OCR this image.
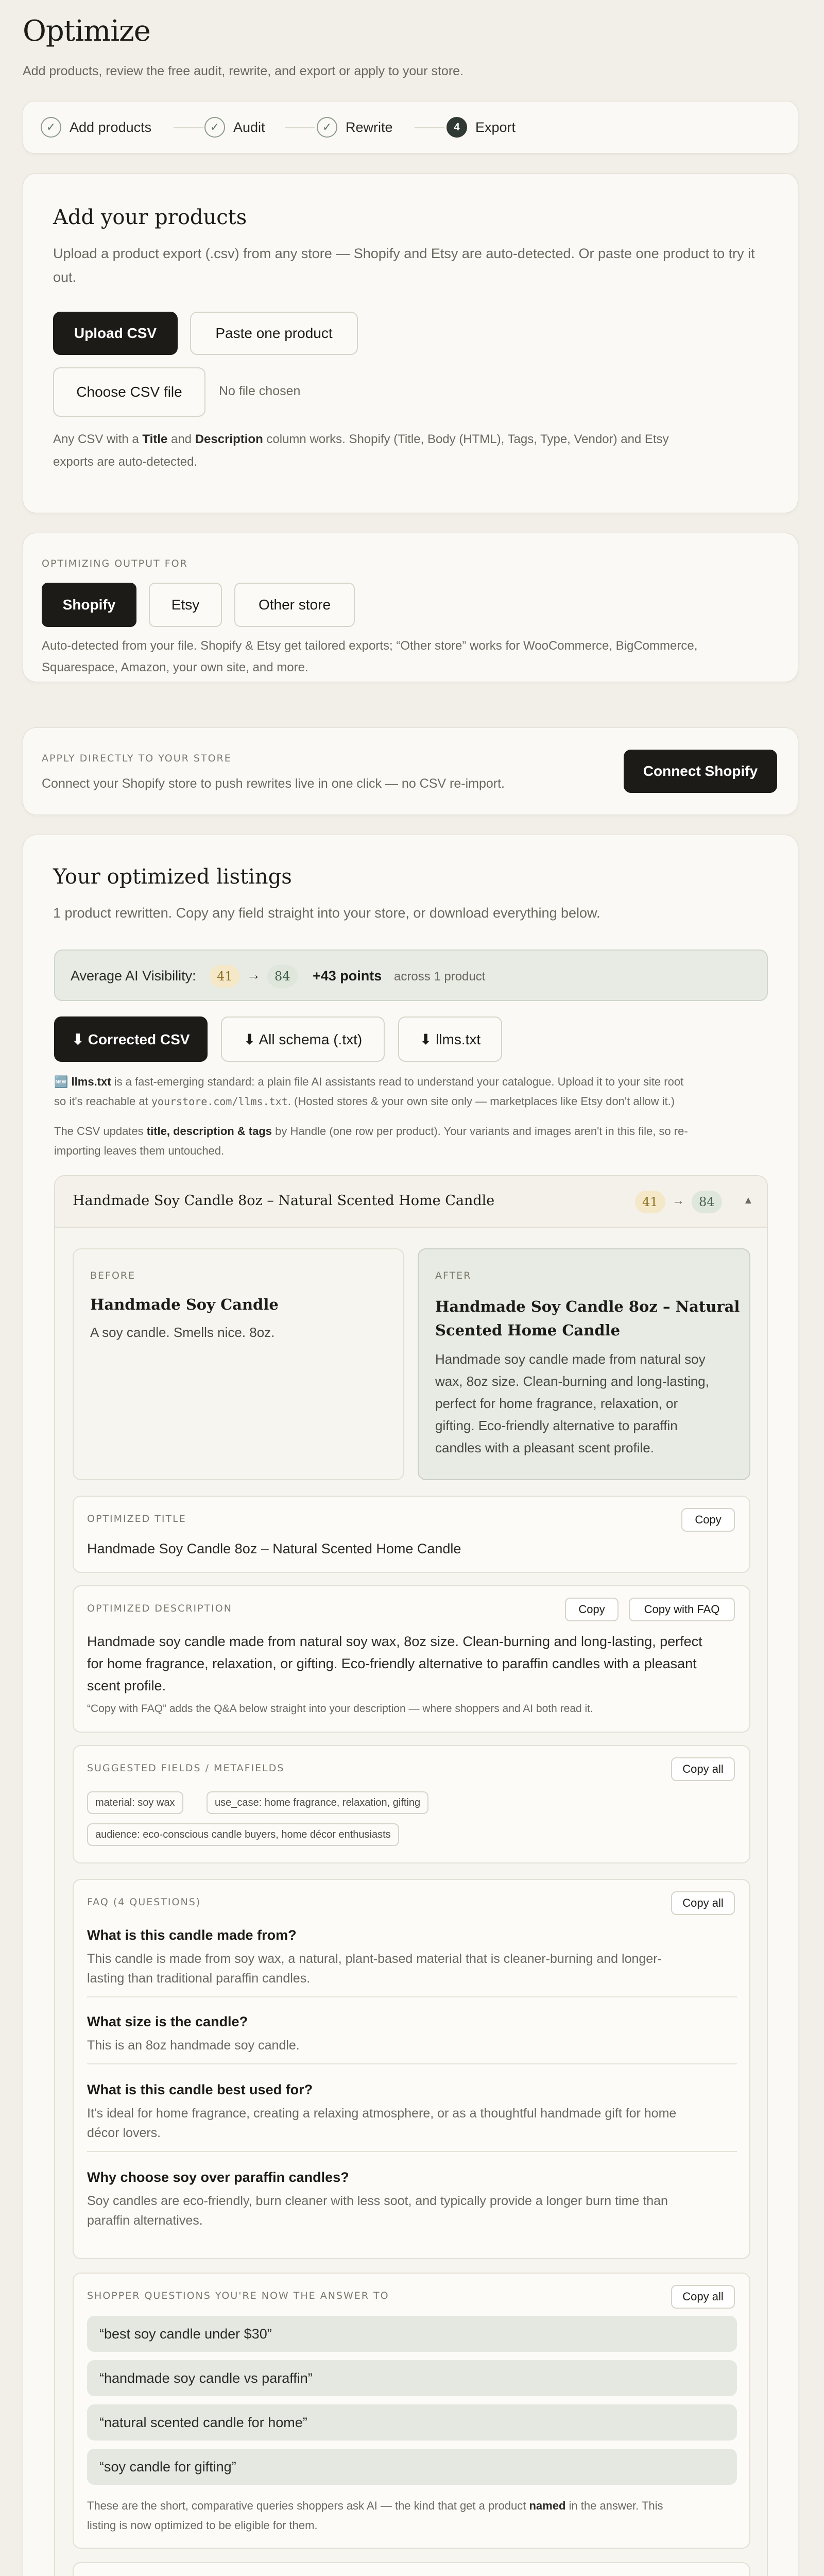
Optimize
Add products, review the free audit, rewrite, and export or apply to your store.
✓ Add products	✓ Audit	✓ Rewrite	4	Export
Add your products
Upload a product export (.csv) from any store — Shopify and Etsy are auto-detected. Or paste one product to try it out.
Upload CSV	Paste one product
Choose CSV file	No file chosen
Any CSV with a Title and Description column works. Shopify (Title, Body (HTML), Tags, Type, Vendor) and Etsy
exports are auto-detected.
OPTIMIZING OUTPUT FOR
Shopify	Etsy	Other store
Auto-detected from your file. Shopify & Etsy get tailored exports; “Other store” works for WooCommerce, BigCommerce,
Squarespace, Amazon, your own site, and more.
APPLY DIRECTLY TO YOUR STORE
Connect your Shopify store to push rewrites live in one click — no CSV re-import.
Connect Shopify
Your optimized listings
1 product rewritten. Copy any field straight into your store, or download everything below.
Average AI Visibility:	41	→	84	+43 points across 1 product
⬇ Corrected CSV	⬇ All schema (.txt)	⬇ llms.txt
🆕 llms.txt is a fast-emerging standard: a plain file AI assistants read to understand your catalogue. Upload it to your site root
so it's reachable at yourstore.com/llms.txt. (Hosted stores & your own site only — marketplaces like Etsy don't allow it.)
The CSV updates title, description & tags by Handle (one row per product). Your variants and images aren't in this file, so re-
importing leaves them untouched.
Handmade Soy Candle 8oz – Natural Scented Home Candle	41	→	84	▲
BEFORE
Handmade Soy Candle
A soy candle. Smells nice. 8oz.
AFTER
Handmade Soy Candle 8oz – Natural
Scented Home Candle
Handmade soy candle made from natural soy
wax, 8oz size. Clean-burning and long-lasting,
perfect for home fragrance, relaxation, or
gifting. Eco-friendly alternative to paraffin
candles with a pleasant scent profile.
OPTIMIZED TITLE	Copy
Handmade Soy Candle 8oz – Natural Scented Home Candle
OPTIMIZED DESCRIPTION	Copy	Copy with FAQ
Handmade soy candle made from natural soy wax, 8oz size. Clean-burning and long-lasting, perfect
for home fragrance, relaxation, or gifting. Eco-friendly alternative to paraffin candles with a pleasant
scent profile.
“Copy with FAQ” adds the Q&A below straight into your description — where shoppers and AI both read it.
SUGGESTED FIELDS / METAFIELDS	Copy all
material: soy wax	use_case: home fragrance, relaxation, gifting
audience: eco-conscious candle buyers, home décor enthusiasts
FAQ (4 QUESTIONS)	Copy all
What is this candle made from?
This candle is made from soy wax, a natural, plant-based material that is cleaner-burning and longer-
lasting than traditional paraffin candles.
What size is the candle?
This is an 8oz handmade soy candle.
What is this candle best used for?
It's ideal for home fragrance, creating a relaxing atmosphere, or as a thoughtful handmade gift for home
décor lovers.
Why choose soy over paraffin candles?
Soy candles are eco-friendly, burn cleaner with less soot, and typically provide a longer burn time than
paraffin alternatives.
SHOPPER QUESTIONS YOU'RE NOW THE ANSWER TO	Copy all
“best soy candle under $30”
“handmade soy candle vs paraffin”
“natural scented candle for home”
“soy candle for gifting”
These are the short, comparative queries shoppers ask AI — the kind that get a product named in the answer. This
listing is now optimized to be eligible for them.
